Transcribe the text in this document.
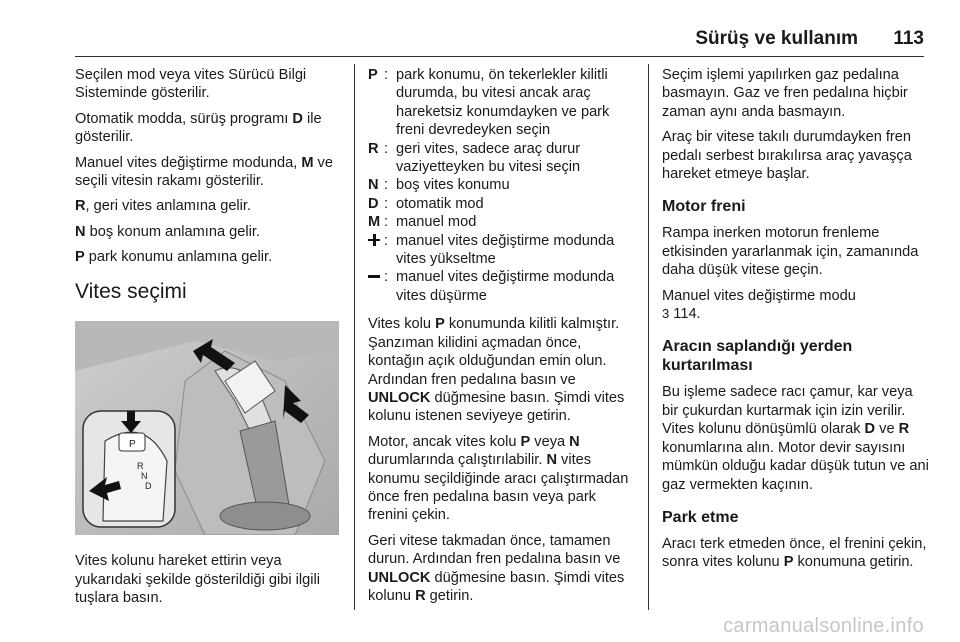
Sürüş ve kullanım 113

Seçilen mod veya vites Sürücü Bilgi Sisteminde gösterilir.

Otomatik modda, sürüş programı D ile gösterilir.

Manuel vites değiştirme modunda, M ve seçili vitesin rakamı gösterilir.

R, geri vites anlamına gelir.

N boş konum anlamına gelir.

P park konumu anlamına gelir.

Vites seçimi
P
R
N
D

Vites kolunu hareket ettirin veya yukarıdaki şekilde gösterildiği gibi ilgili tuşlara basın.

P : park konumu, ön tekerlekler kilitli durumda, bu vitesi ancak araç hareketsiz konumdayken ve park freni devredeyken seçin
R : geri vites, sadece araç durur vaziyetteyken bu vitesi seçin
N : boş vites konumu
D : otomatik mod
M : manuel mod
: manuel vites değiştirme modunda vites yükseltme
: manuel vites değiştirme modunda vites düşürme

Vites kolu P konumunda kilitli kalmıştır. Şanzıman kilidini açmadan önce, kontağın açık olduğundan emin olun. Ardından fren pedalına basın ve UNLOCK düğmesine basın. Şimdi vites kolunu istenen seviyeye getirin.

Motor, ancak vites kolu P veya N durumlarında çalıştırılabilir. N vites konumu seçildiğinde aracı çalıştırmadan önce fren pedalına basın veya park frenini çekin.

Geri vitese takmadan önce, tamamen durun. Ardından fren pedalına basın ve UNLOCK düğmesine basın. Şimdi vites kolunu R getirin.

Seçim işlemi yapılırken gaz pedalına basmayın. Gaz ve fren pedalına hiçbir zaman aynı anda basmayın.

Araç bir vitese takılı durumdayken fren pedalı serbest bırakılırsa araç yavaşça hareket etmeye başlar.

Motor freni

Rampa inerken motorun frenleme etkisinden yararlanmak için, zamanında daha düşük vitese geçin.

Manuel vites değiştirme modu
3 114.

Aracın saplandığı yerden kurtarılması

Bu işleme sadece racı çamur, kar veya bir çukurdan kurtarmak için izin verilir. Vites kolunu dönüşümlü olarak D ve R konumlarına alın. Motor devir sayısını mümkün olduğu kadar düşük tutun ve ani gaz vermekten kaçının.

Park etme

Aracı terk etmeden önce, el frenini çekin, sonra vites kolunu P konumuna getirin.

carmanualsonline.info
